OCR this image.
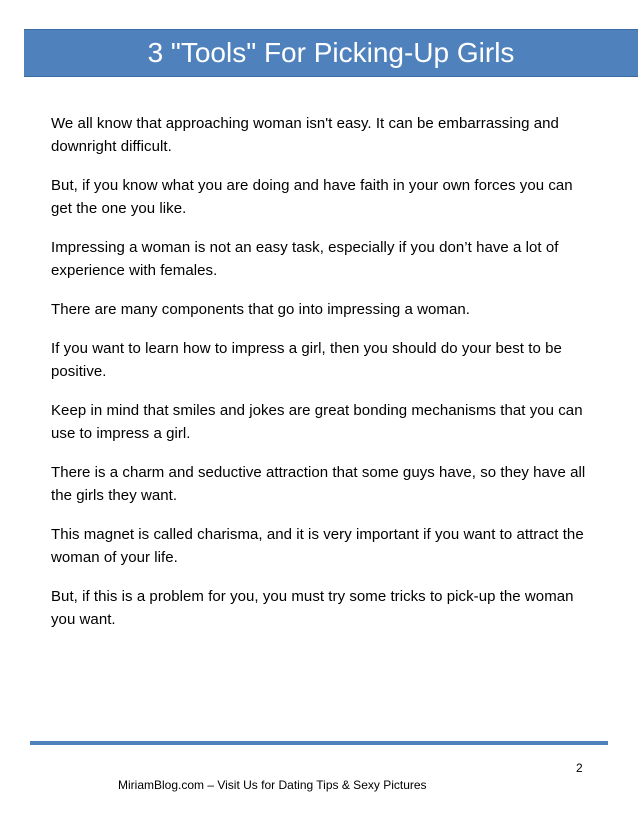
3 "Tools" For Picking-Up Girls

We all know that approaching woman isn't easy. It can be embarrassing and downright difficult.

But, if you know what you are doing and have faith in your own forces you can get the one you like.

Impressing a woman is not an easy task, especially if you don’t have a lot of experience with females.

There are many components that go into impressing a woman.

If you want to learn how to impress a girl, then you should do your best to be positive.

Keep in mind that smiles and jokes are great bonding mechanisms that you can use to impress a girl.

There is a charm and seductive attraction that some guys have, so they have all the girls they want.

This magnet is called charisma, and it is very important if you want to attract the woman of your life.

But, if this is a problem for you, you must try some tricks to pick-up the woman you want.

2
MiriamBlog.com – Visit Us for Dating Tips & Sexy Pictures
